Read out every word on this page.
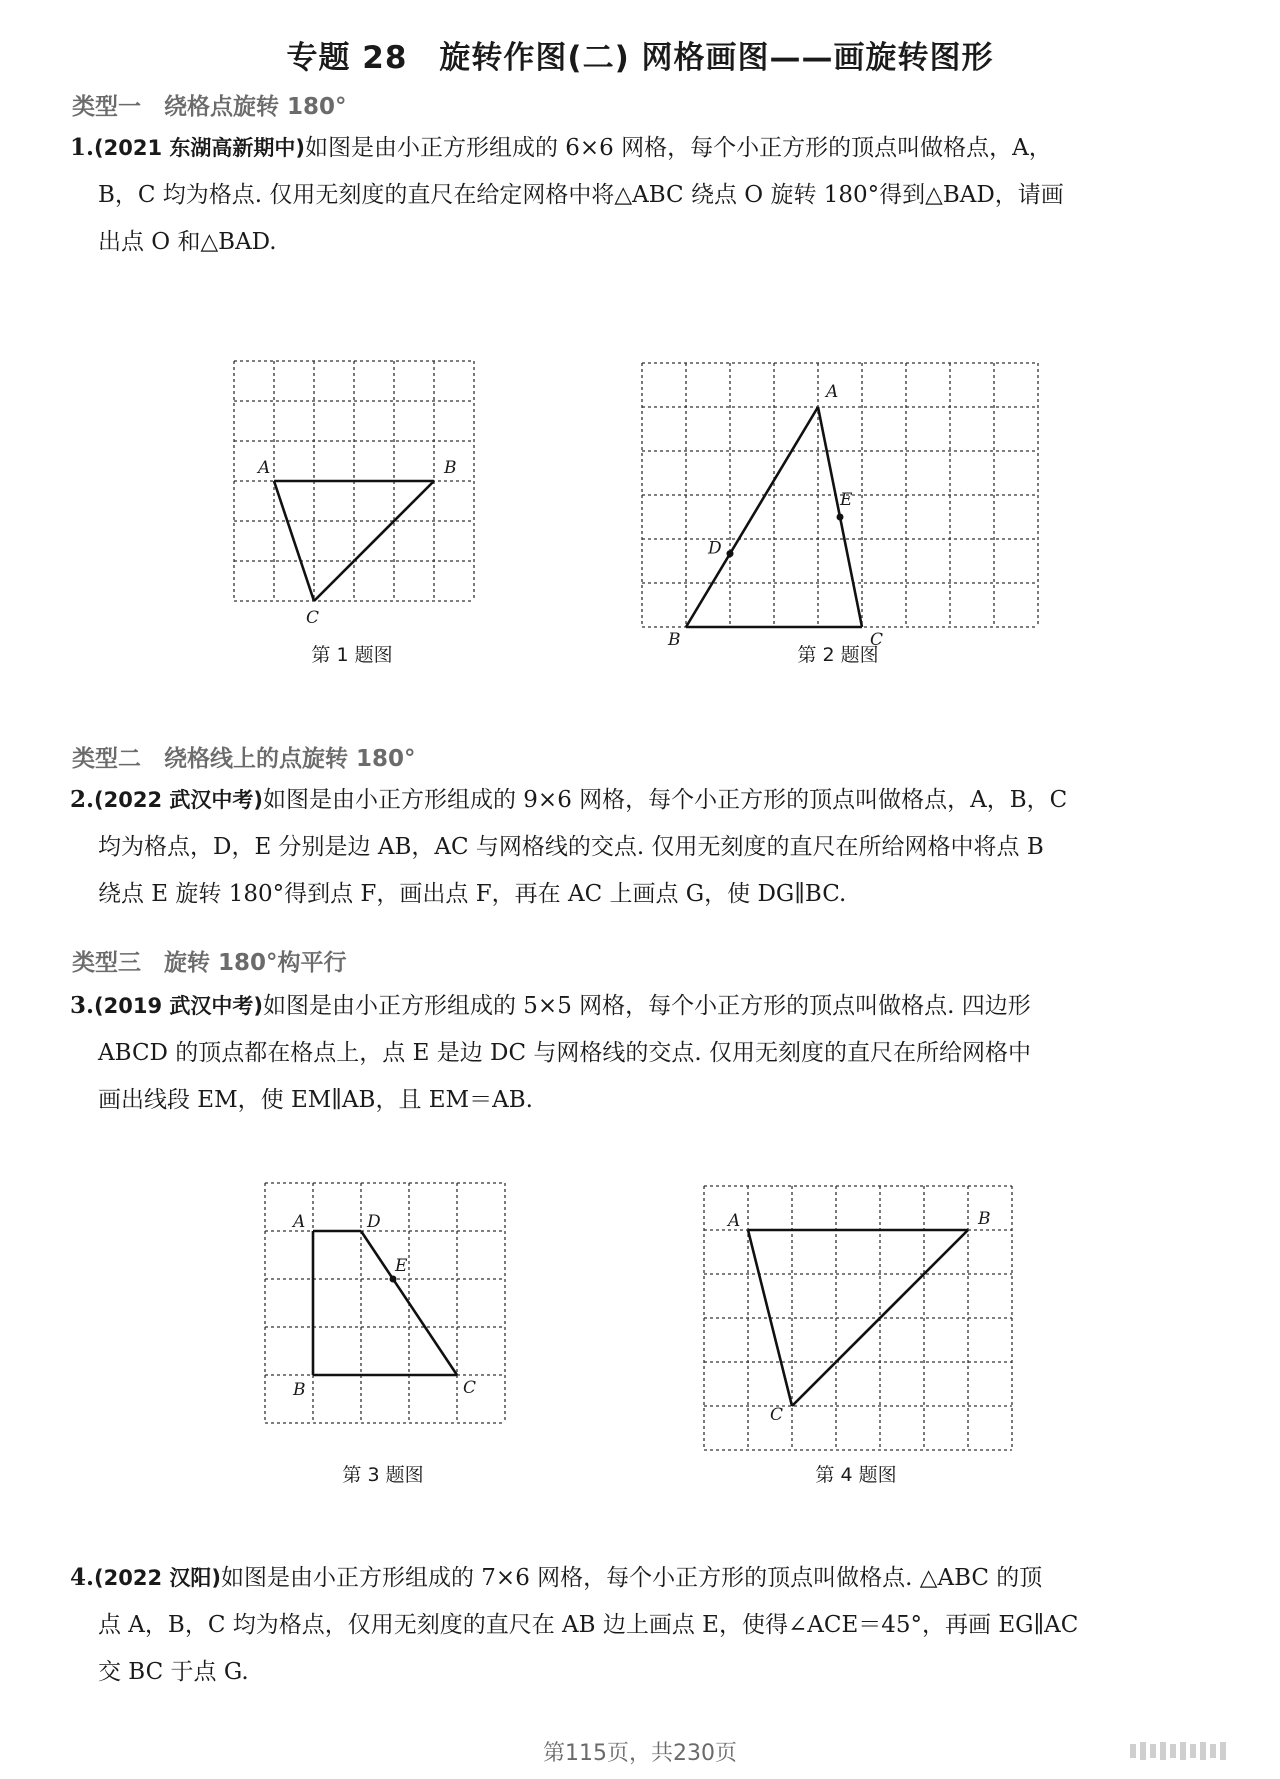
专题 28　旋转作图(二) 网格画图——画旋转图形
类型一　绕格点旋转 180°
1.(2021 东湖高新期中)如图是由小正方形组成的 6×6 网格，每个小正方形的顶点叫做格点，A，
B，C 均为格点. 仅用无刻度的直尺在给定网格中将△ABC 绕点 O 旋转 180°得到△BAD，请画
出点 O 和△BAD.
A	B
C
第 1 题图
A
B	C
D
E
第 2 题图
类型二　绕格线上的点旋转 180°
2.(2022 武汉中考)如图是由小正方形组成的 9×6 网格，每个小正方形的顶点叫做格点，A，B，C
均为格点，D，E 分别是边 AB，AC 与网格线的交点. 仅用无刻度的直尺在所给网格中将点 B
绕点 E 旋转 180°得到点 F，画出点 F，再在 AC 上画点 G，使 DG∥BC.
类型三　旋转 180°构平行
3.(2019 武汉中考)如图是由小正方形组成的 5×5 网格，每个小正方形的顶点叫做格点. 四边形
ABCD 的顶点都在格点上，点 E 是边 DC 与网格线的交点. 仅用无刻度的直尺在所给网格中
画出线段 EM，使 EM∥AB，且 EM＝AB.
A	D
E
B	C
第 3 题图
A	B
C
第 4 题图
4.(2022 汉阳)如图是由小正方形组成的 7×6 网格，每个小正方形的顶点叫做格点. △ABC 的顶
点 A，B，C 均为格点，仅用无刻度的直尺在 AB 边上画点 E，使得∠ACE＝45°，再画 EG∥AC
交 BC 于点 G.
第115页，共230页
